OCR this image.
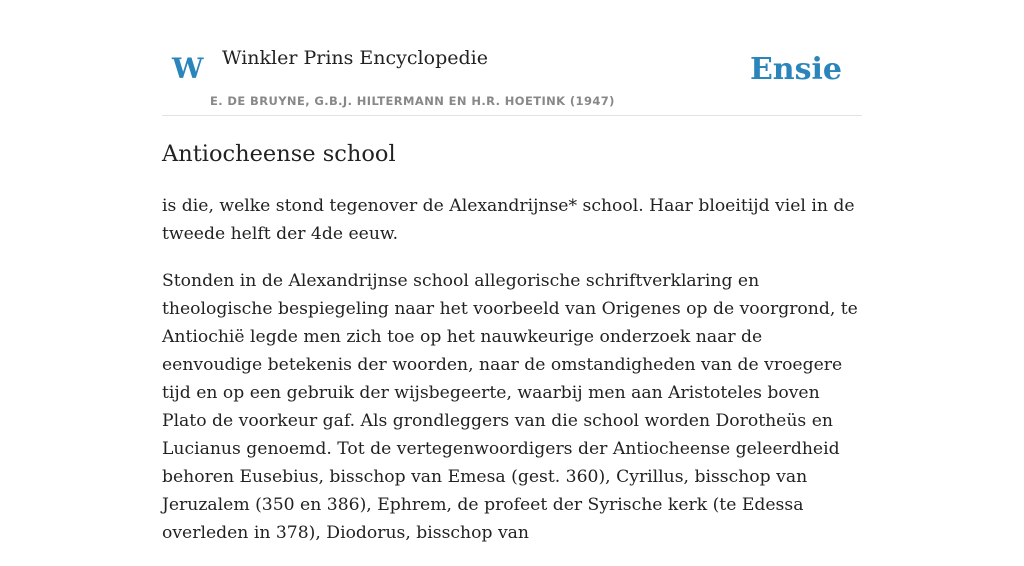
W Winkler Prins Encyclopedie
E. DE BRUYNE, G.B.J. HILTERMANN EN H.R. HOETINK (1947)
Ensie
Antiocheense school

is die, welke stond tegenover de Alexandrijnse* school. Haar bloeitijd viel in de tweede helft der 4de eeuw.

Stonden in de Alexandrijnse school allegorische schriftverklaring en theologische bespiegeling naar het voorbeeld van Origenes op de voorgrond, te Antiochië legde men zich toe op het nauwkeurige onderzoek naar de eenvoudige betekenis der woorden, naar de omstandigheden van de vroegere tijd en op een gebruik der wijsbegeerte, waarbij men aan Aristoteles boven Plato de voorkeur gaf. Als grondleggers van die school worden Dorotheüs en Lucianus genoemd. Tot de vertegenwoordigers der Antiocheense geleerdheid behoren Eusebius, bisschop van Emesa (gest. 360), Cyrillus, bisschop van Jeruzalem (350 en 386), Ephrem, de profeet der Syrische kerk (te Edessa overleden in 378), Diodorus, bisschop van
